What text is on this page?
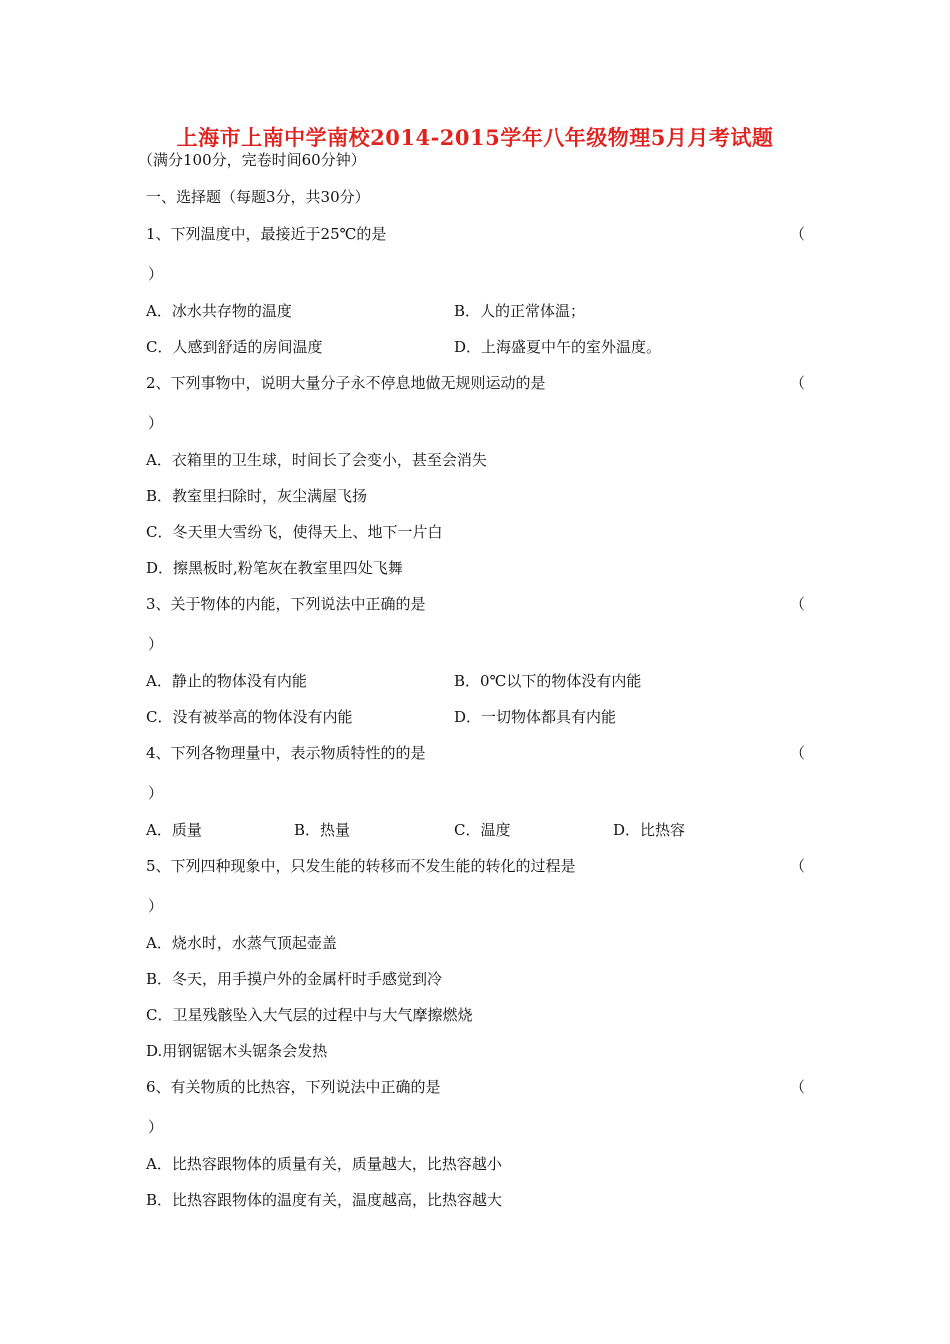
上海市上南中学南校2014-2015学年八年级物理5月月考试题
（满分100分，完卷时间60分钟）
一、选择题（每题3分，共30分）
1、下列温度中，最接近于25℃的是	（
）
A．冰水共存物的温度	B．人的正常体温；
C．人感到舒适的房间温度	D．上海盛夏中午的室外温度。
2、下列事物中，说明大量分子永不停息地做无规则运动的是	（
）
A．衣箱里的卫生球，时间长了会变小，甚至会消失
B．教室里扫除时，灰尘满屋飞扬
C．冬天里大雪纷飞，使得天上、地下一片白
D．擦黑板时,粉笔灰在教室里四处飞舞
3、关于物体的内能，下列说法中正确的是	（
）
A．静止的物体没有内能	B．0℃以下的物体没有内能
C．没有被举高的物体没有内能	D．一切物体都具有内能
4、下列各物理量中，表示物质特性的的是	（
）
A．质量	B．热量	C．温度	D．比热容
5、下列四种现象中，只发生能的转移而不发生能的转化的过程是	（
）
A．烧水时，水蒸气顶起壶盖
B．冬天，用手摸户外的金属杆时手感觉到冷
C．卫星残骸坠入大气层的过程中与大气摩擦燃烧
D.用钢锯锯木头锯条会发热
6、有关物质的比热容，下列说法中正确的是	（
）
A．比热容跟物体的质量有关，质量越大，比热容越小
B．比热容跟物体的温度有关，温度越高，比热容越大
